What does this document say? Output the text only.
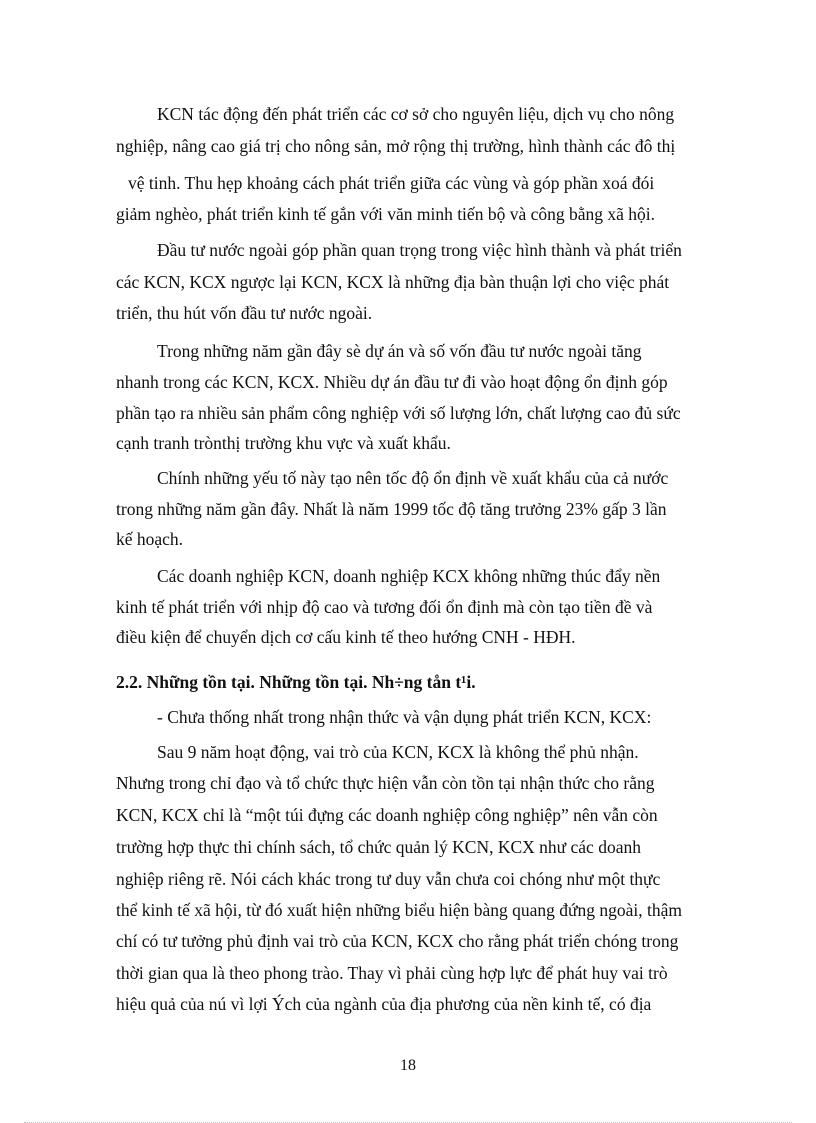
KCN tác động đến phát triển các cơ sở cho nguyên liệu, dịch vụ cho nông

nghiệp, nâng cao giá trị cho nông sản, mở rộng thị trường, hình thành các đô thị

vệ tinh. Thu hẹp khoảng cách phát triển giữa các vùng và góp phần xoá đói

giảm nghèo, phát triển kinh tế gắn với văn minh tiến bộ và công bằng xã hội.

Đầu tư nước ngoài góp phần quan trọng trong việc hình thành và phát triển

các KCN, KCX ngược lại KCN, KCX là những địa bàn thuận lợi cho việc phát

triển, thu hút vốn đầu tư nước ngoài.

Trong những năm gần đây sè dự án và số vốn đầu tư nước ngoài tăng

nhanh trong các KCN, KCX. Nhiều dự án đầu tư đi vào hoạt động ổn định góp

phần tạo ra nhiều sản phẩm công nghiệp với số lượng lớn, chất lượng cao đủ sức

cạnh tranh trònthị trường khu vực và xuất khẩu.

Chính những yếu tố này tạo nên tốc độ ổn định về xuất khẩu của cả nước

trong những năm gần đây. Nhất là năm 1999 tốc độ tăng trưởng 23% gấp 3 lần

kế hoạch.

Các doanh nghiệp KCN, doanh nghiệp KCX không những thúc đẩy nền

kinh tế phát triển với nhịp độ cao và tương đối ổn định mà còn tạo tiền đề và

điều kiện để chuyển dịch cơ cấu kinh tế theo hướng CNH - HĐH.

2.2. Những tồn tại. Những tồn tại. Nh÷ng tån t¹i.

- Chưa thống nhất trong nhận thức và vận dụng phát triển KCN, KCX:

Sau 9 năm hoạt động, vai trò của KCN, KCX là không thể phủ nhận.

Nhưng trong chỉ đạo và tổ chức thực hiện vẫn còn tồn tại nhận thức cho rằng

KCN, KCX chỉ là “một túi đựng các doanh nghiệp công nghiệp” nên vẫn còn

trường hợp thực thi chính sách, tổ chức quản lý KCN, KCX như các doanh

nghiệp riêng rẽ. Nói cách khác trong tư duy vẫn chưa coi chóng như một thực

thể kinh tế xã hội, từ đó xuất hiện những biểu hiện bàng quang đứng ngoài, thậm

chí có tư tưởng phủ định vai trò của KCN, KCX cho rằng phát triển chóng trong

thời gian qua là theo phong trào. Thay vì phải cùng hợp lực để phát huy vai trò

hiệu quả của nú vì lợi Ých của ngành của địa phương của nền kinh tế, có địa

18
